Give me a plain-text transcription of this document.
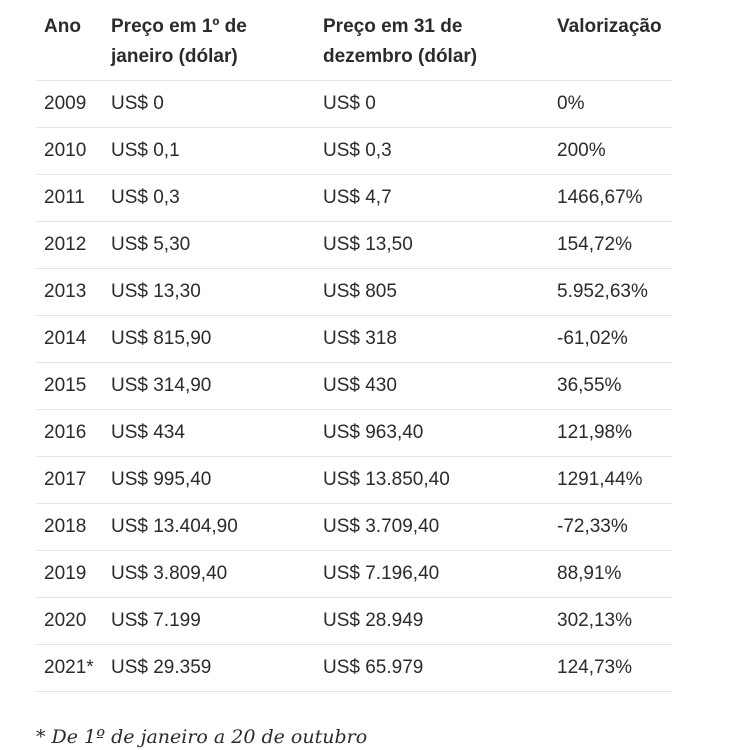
Ano	Preço em 1º de janeiro (dólar)	Preço em 31 de dezembro (dólar)	Valorização
2009	US$ 0	US$ 0	0%
2010	US$ 0,1	US$ 0,3	200%
2011	US$ 0,3	US$ 4,7	1466,67%
2012	US$ 5,30	US$ 13,50	154,72%
2013	US$ 13,30	US$ 805	5.952,63%
2014	US$ 815,90	US$ 318	-61,02%
2015	US$ 314,90	US$ 430	36,55%
2016	US$ 434	US$ 963,40	121,98%
2017	US$ 995,40	US$ 13.850,40	1291,44%
2018	US$ 13.404,90	US$ 3.709,40	-72,33%
2019	US$ 3.809,40	US$ 7.196,40	88,91%
2020	US$ 7.199	US$ 28.949	302,13%
2021*	US$ 29.359	US$ 65.979	124,73%
* De 1º de janeiro a 20 de outubro
